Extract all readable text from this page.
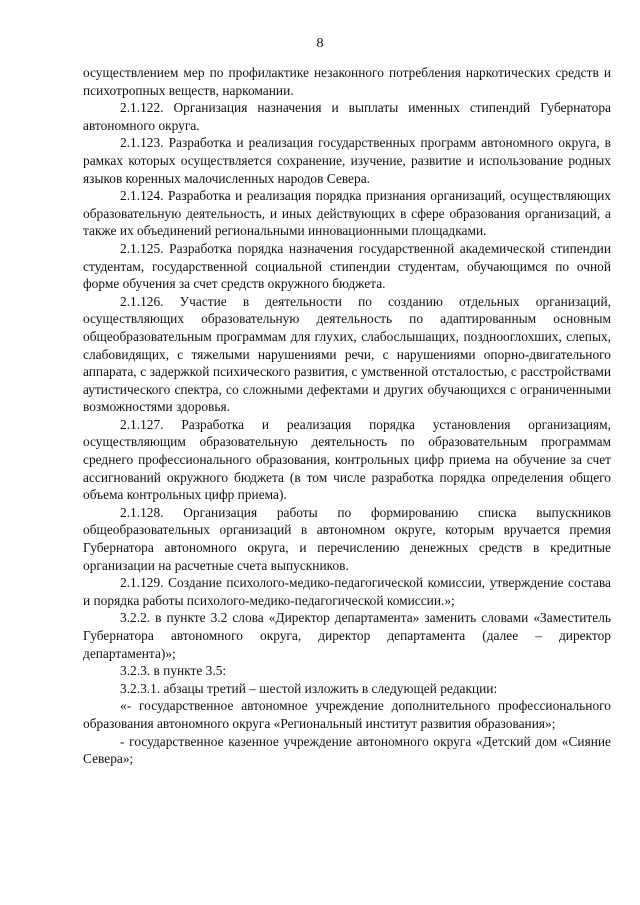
8

осуществлением мер по профилактике незаконного потребления наркотических средств и психотропных веществ, наркомании.

2.1.122. Организация назначения и выплаты именных стипендий Губернатора автономного округа.

2.1.123. Разработка и реализация государственных программ автономного округа, в рамках которых осуществляется сохранение, изучение, развитие и использование родных языков коренных малочисленных народов Севера.

2.1.124. Разработка и реализация порядка признания организаций, осуществляющих образовательную деятельность, и иных действующих в сфере образования организаций, а также их объединений региональными инновационными площадками.

2.1.125. Разработка порядка назначения государственной академической стипендии студентам, государственной социальной стипендии студентам, обучающимся по очной форме обучения за счет средств окружного бюджета.

2.1.126. Участие в деятельности по созданию отдельных организаций, осуществляющих образовательную деятельность по адаптированным основным общеобразовательным программам для глухих, слабослышащих, позднооглохших, слепых, слабовидящих, с тяжелыми нарушениями речи, с нарушениями опорно-двигательного аппарата, с задержкой психического развития, с умственной отсталостью, с расстройствами аутистического спектра, со сложными дефектами и других обучающихся с ограниченными возможностями здоровья.

2.1.127. Разработка и реализация порядка установления организациям, осуществляющим образовательную деятельность по образовательным программам среднего профессионального образования, контрольных цифр приема на обучение за счет ассигнований окружного бюджета (в том числе разработка порядка определения общего объема контрольных цифр приема).

2.1.128. Организация работы по формированию списка выпускников общеобразовательных организаций в автономном округе, которым вручается премия Губернатора автономного округа, и перечислению денежных средств в кредитные организации на расчетные счета выпускников.

2.1.129. Создание психолого-медико-педагогической комиссии, утверждение состава и порядка работы психолого-медико-педагогической комиссии.»;

3.2.2. в пункте 3.2 слова «Директор департамента» заменить словами «Заместитель Губернатора автономного округа, директор департамента (далее – директор департамента)»;

3.2.3. в пункте 3.5:

3.2.3.1. абзацы третий – шестой изложить в следующей редакции:

«- государственное автономное учреждение дополнительного профессионального образования автономного округа «Региональный институт развития образования»;

- государственное казенное учреждение автономного округа «Детский дом «Сияние Севера»;
